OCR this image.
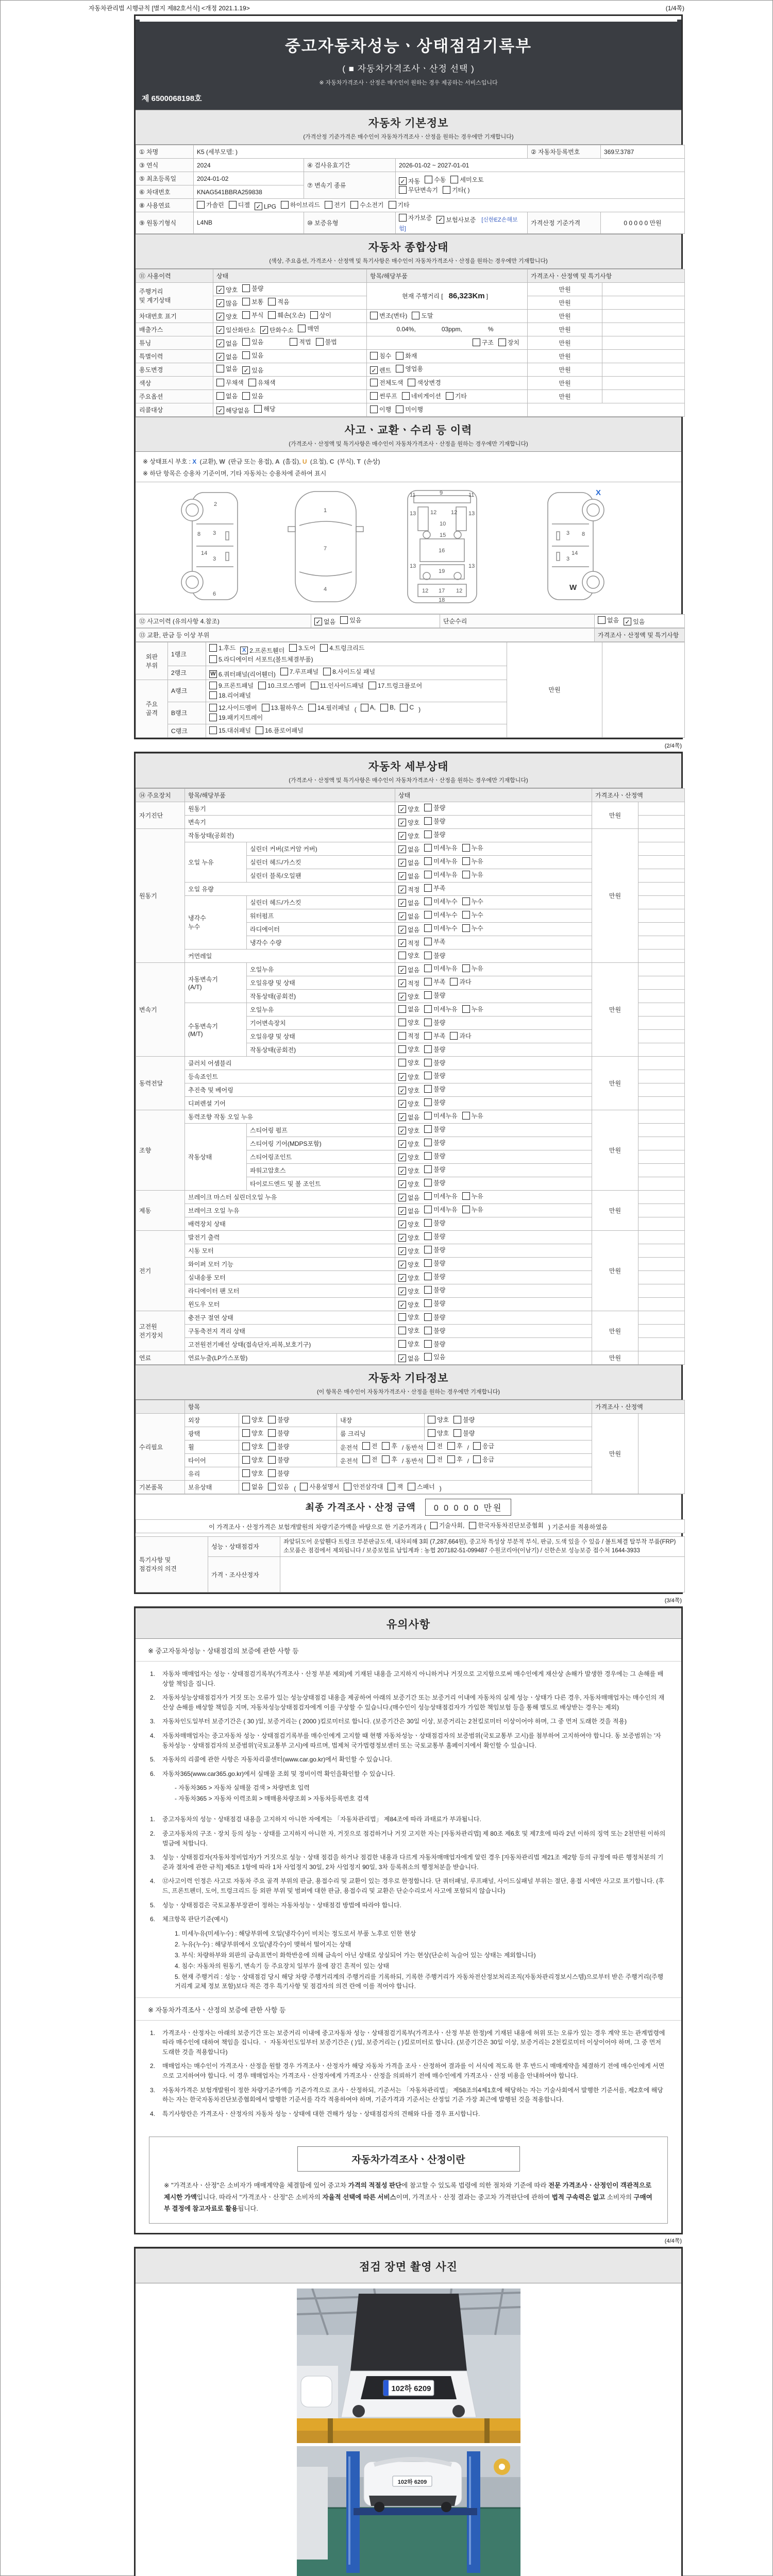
자동차관리법 시행규칙 [별지 제82호서식] <개정 2021.1.19>	(1/4쪽)
중고자동차성능ㆍ상태점검기록부
( ■ 자동차가격조사ㆍ산정 선택 )
※ 자동차가격조사ㆍ산정은 매수인이 원하는 경우 제공하는 서비스입니다
제 6500068198호
자동차 기본정보
(가격산정 기준가격은 매수인이 자동차가격조사ㆍ산정을 원하는 경우에만 기재합니다)
① 차명	K5 (세부모델: )			② 자동차등록번호	369모3787
③ 연식	2024	④ 검사유효기간	2026-01-02 ~ 2027-01-01		
⑤ 최초등록일	2024-01-02	⑦ 변속기 종류	
✓ 자동 수동 세미오토

무단변속기 기타( )

⑥ 차대번호	KNAG541BBRA259838				
⑧ 사용연료	가솔린 디젤 ✓ LPG 하이브리드 전기 수소전기 기타

⑨ 원동기형식	L4NB	⑩ 보증유형	자가보증 ✓ 보험사보증 [신한EZ손해보험]	가격산정 기준가격	0 0 0 0 0 만원
자동차 종합상태
(색상, 주요옵션, 가격조사ㆍ산정액 및 특기사항은 매수인이 자동차가격조사ㆍ산정을 원하는 경우에만 기재합니다)
⑪ 사용이력	상태	항목/해당부품	가격조사ㆍ산정액 및 특기사항	
주행거리
및 계기상태	✓ 양호 불량	현재 주행거리 [ 86,323Km ]	만원	

✓ 많음 보통 적음		만원	
차대번호 표기	✓ 양호 부식 훼손(오손) 상이	변조(변타) 도말	만원	
배출가스	✓ 일산화탄소 ✓ 탄화수소 매연	0.04%, 03ppm, %	만원	
튜닝	✓ 없음 있음 적법 불법	구조 장치	만원	
특별이력	✓ 없음 있음	침수 화재	만원	
용도변경	없음 ✓ 있음	✓ 렌트 영업용	만원	
색상	무채색 유채색	전체도색 색상변경	만원	
주요옵션	없음 있음	썬루프 네비게이션 기타	만원	
리콜대상	✓ 해당없음 해당	이행 미이행		

사고ㆍ교환ㆍ수리 등 이력
(가격조사ㆍ산정액 및 특기사항은 매수인이 자동차가격조사ㆍ산정을 원하는 경우에만 기재합니다)
※ 상태표시 부호 : X (교환), W (판금 또는 용접), A (흠집), U (요철), C (부식), T (손상)
※ 하단 항목은 승용차 기준이며, 기타 자동차는 승용차에 준하여 표시
2
8 3
14
3
6
1
7
4
11	9	11
13	12	12 13
10
15
16
13
19
13
12 17 12
18
3 8
14
3
X
W
⑫ 사고이력 (유의사항 4.참조)	✓ 없음 있음	단순수리	없음 ✓ 있음
⑬ 교환, 판금 등 이상 부위	가격조사ㆍ산정액 및 특기사항
외판
부위	1랭크	
1.후드	X 2.프론트휀더 3.도어 4.트렁크리드

5.라디에이터 서포트(볼트체결부품)
	만원	
	2랭크	W 6.쿼터패널(리어휀더) 7.루프패널 8.사이드실 패널		

주요
골격	A랭크	9.프론트패널 10.크로스멤버 11.인사이드패널 17.트렁크플로어

18.리어패널		

B랭크	
12.사이드멤버 13.휠하우스 14.필러패널 ( A, B, C )

19.패키지트레이

	C랭크	15.대쉬패널 16.플로어패널		
(2/4쪽)
자동차 세부상태
(가격조사ㆍ산정액 및 특기사항은 매수인이 자동차가격조사ㆍ산정을 원하는 경우에만 기재합니다)
⑭ 주요장치	항목/해당부품		상태	가격조사ㆍ산정액	
자기진단	원동기		✓ 양호 불량	만원	
	변속기		✓ 양호 불량		

원동기	작동상태(공회전)		✓ 양호 불량	만원	
	오일 누유	실린더 커버(로커암 커버)	✓ 없음 미세누유 누유		

		실린더 헤드/가스킷	✓ 없음 미세누유 누유		

		실린더 블록/오일팬	✓ 없음 미세누유 누유		

	오일 유량		✓ 적정 부족		

	냉각수
누수	실린더 헤드/가스킷	✓ 없음 미세누수 누수		

		워터펌프	✓ 없음 미세누수 누수		

		라디에이터	✓ 없음 미세누수 누수		

		냉각수 수량	✓ 적정 부족		

	커먼레일		양호 불량		

변속기	자동변속기
(A/T)	오일누유	✓ 없음 미세누유 누유	만원	
		오일유량 및 상태	✓ 적정 부족 과다		

		작동상태(공회전)	✓ 양호 불량		

	수동변속기
(M/T)	오일누유	없음 미세누유 누유		

		기어변속장치	양호 불량		

		오일유량 및 상태	적정 부족 과다		

		작동상태(공회전)	양호 불량		

동력전달	클러치 어셈블리		양호 불량	만원	
	등속죠인트		✓ 양호 불량		

	추진축 및 베어링		✓ 양호 불량		

	디퍼렌셜 기어		✓ 양호 불량		

조향	동력조향 작동 오일 누유		✓ 없음 미세누유 누유	만원	
	작동상태	스티어링 펌프	✓ 양호 불량		

		스티어링 기어(MDPS포함)	✓ 양호 불량		

		스티어링조인트	✓ 양호 불량		

		파워고압호스	✓ 양호 불량		

		타이로드엔드 및 볼 조인트	✓ 양호 불량		

제동	브레이크 마스터 실린더오일 누유		✓ 없음 미세누유 누유	만원	
	브레이크 오일 누유		✓ 없음 미세누유 누유		

	배력장치 상태		✓ 양호 불량		

전기	발전기 출력		✓ 양호 불량	만원	
	시동 모터		✓ 양호 불량		

	와이퍼 모터 기능		✓ 양호 불량		

	실내송풍 모터		✓ 양호 불량		

	라디에이터 팬 모터		✓ 양호 불량		

	윈도우 모터		✓ 양호 불량		

고전원
전기장치	충전구 절연 상태		양호 불량	만원	
	구동축전지 격리 상태		양호 불량		

	고전원전기배선 상태(접속단자,피복,보호기구)		양호 불량		

연료	연료누출(LP가스포함)		✓ 없음 있음	만원	
자동차 기타정보
(이 항목은 매수인이 자동차가격조사ㆍ산정을 원하는 경우에만 기재합니다)
	항목				가격조사ㆍ산정액	
수리필요	외장	양호 불량	내장	양호 불량	만원	
	광택	양호 불량	룸 크리닝	양호 불량		

휠	양호 불량	운전석 전 후 / 동반석 전 후 / 응급

타이어	양호 불량	운전석 전 후 / 동반석 전 후 / 응급

	유리	양호 불량				

기본품목	보유상태	없음 있음 ( 사용설명서 안전삼각대 잭 스패너 )
최종 가격조사ㆍ산정 금액	0 0 0 0 0 만원
이 가격조사ㆍ산정가격은 보험개발원의 차량기준가액을 바탕으로 한 기준가격과 ( 기술사회, 한국자동차진단보증협회 ) 기준서를 적용하였음
특기사항 및
점검자의 의견	성능ㆍ상태점검자	좌앞뒤도어 운앞휀다 트렁크 부분판금도색, 내차피해 3회 (7,287,664원), 중고차 특성상 부분적 부식, 판금, 도색 있을 수 있음 / 볼트체결 탈부착 부품(FRP)소모품은 점검에서 제외됩니다 / 보증보험료 납입계좌 : 농협 207182-51-099487 수원코리아(이남기) / 신한손보 성능보증 접수처 1644-3933
	가격ㆍ조사산정자	
(3/4쪽)
유의사항
※ 중고자동차성능ㆍ상태점검의 보증에 관한 사항 등
1.	자동차 매매업자는 성능ㆍ상태점검기록부(가격조사ㆍ산정 부분 제외)에 기재된 내용을 고지하지 아니하거나 거짓으로 고지함으로써 매수인에게 재산상 손해가 발생한 경우에는 그 손해를 배상할 책임을 집니다.
2.	자동차성능상태점검자가 거짓 또는 오류가 있는 성능상태점검 내용을 제공하여 아래의 보증기간 또는 보증거리 이내에 자동차의 실제 성능ㆍ상태가 다른 경우, 자동차매매업자는 매수인의 재산상 손해를 배상할 책임을 지며, 자동차성능상태점검자에게 이를 구상할 수 있습니다.(매수인이 성능상태점검자가 가입한 책임보험 등을 통해 별도로 배상받는 경우는 제외)
3.	자동차인도일부터 보증기간은 ( 30 )일, 보증거리는 ( 2000 )킬로미터로 합니다. (보증기간은 30일 이상, 보증거리는 2천킬로미터 이상이어야 하며, 그 중 먼저 도래한 것을 적용)
4.	자동차매매업자는 중고자동차 성능ㆍ상태점검기록부를 매수인에게 고지할 때 현행 자동차성능ㆍ상태점검자의 보증범위(국토교통부 고시)를 첨부하여 고지하여야 합니다. 동 보증범위는 '자동차성능ㆍ상태점검자의 보증범위'(국토교통부 고시)에 따르며, 법제처 국가법령정보센터 또는 국토교통부 홈페이지에서 확인할 수 있습니다.
5.	자동차의 리콜에 관한 사항은 자동차리콜센터(www.car.go.kr)에서 확인할 수 있습니다.
6.	자동차365(www.car365.go.kr)에서 실매물 조회 및 정비이력 확인을확인할 수 있습니다.
- 자동차365 > 자동차 실매물 검색 > 차량번호 입력
- 자동차365 > 자동차 이력조회 > 매매용차량조회 > 자동차등록번호 검색
1.	중고자동차의 성능ㆍ상태점검 내용을 고지하지 아니한 자에게는 「자동차관리법」 제84조에 따라 과태료가 부과됩니다.
2.	중고자동차의 구조ㆍ장치 등의 성능ㆍ상태를 고지하지 아니한 자, 거짓으로 점검하거나 거짓 고지한 자는 [자동차관리법] 제 80조 제6호 및 제7호에 따라 2년 이하의 징역 또는 2천만원 이하의 벌금에 처합니다.
3.	성능ㆍ상태점검자(자동차정비업자)가 거짓으로 성능ㆍ상태 점검을 하거나 점검한 내용과 다르게 자동차매매업자에게 알린 경우 [자동차관리법 제21조 제2항 등의 규정에 따른 행정처분의 기준과 절차에 관한 규칙] 제5조 1항에 따라 1차 사업정지 30일, 2차 사업정지 90일, 3차 등록취소의 행정처분을 받습니다.
4.	⑫사고이력 인정은 사고로 자동차 주요 골격 부위의 판금, 용접수리 및 교환이 있는 경우로 한정합니다. 단 쿼터패널, 루프패널, 사이드실패널 부위는 절단, 용접 시에만 사고로 표기합니다. (후드, 프론트펜더, 도어, 트렁크리드 등 외판 부위 및 범퍼에 대한 판금, 용접수리 및 교환은 단순수리로서 사고에 포함되지 않습니다)
5.	성능ㆍ상태점검은 국토교통부장관이 정하는 자동차성능ㆍ상태점검 방법에 따라야 합니다.
6.	체크항목 판단기준(예시)
1. 미세누유(미세누수) : 해당부위에 오일(냉각수)이 비치는 정도로서 부품 노후로 인한 현상
2. 누유(누수) : 해당부위에서 오일(냉각수)이 맺혀서 떨어지는 상태
3. 부식: 차량하부와 외판의 금속표면이 화학반응에 의해 금속이 아닌 상태로 상실되어 가는 현상(단순히 녹슬어 있는 상태는 제외합니다)
4. 침수: 자동차의 원동기, 변속기 등 주요장치 일부가 물에 잠긴 흔적이 있는 상태
5. 현재 주행거리 : 성능ㆍ상태점검 당시 해당 차량 주행거리계의 주행거리를 기록하되, 기록한 주행거리가 자동차전산정보처리조직(자동차관리정보시스템)으로부터 받은 주행거리(주행거리계 교체 정보 포함)보다 적은 경우 특기사항 및 점검자의 의견 란에 이를 적어야 합니다.
※ 자동차가격조사ㆍ산정의 보증에 관한 사항 등
1.	가격조사ㆍ산정자는 아래의 보증기간 또는 보증거리 이내에 중고자동차 성능ㆍ상태점검기록부(가격조사ㆍ산정 부분 한정)에 기재된 내용에 허위 또는 오류가 있는 경우 계약 또는 관계법령에 따라 매수인에 대하여 책임을 집니다. ㆍ 자동차인도일부터 보증기간은 ( )일, 보증거리는 ( )킬로미터로 합니다. (보증기간은 30일 이상, 보증거리는 2천킬로미터 이상이어야 하며, 그 중 먼저 도래한 것을 적용합니다)
2.	매매업자는 매수인이 가격조사ㆍ산정을 원할 경우 가격조사ㆍ산정자가 해당 자동차 가격을 조사ㆍ산정하여 결과를 이 서식에 적도록 한 후 반드시 매매계약을 체결하기 전에 매수인에게 서면으로 고지하여야 합니다. 이 경우 매매업자는 가격조사ㆍ산정자에게 가격조사ㆍ산정을 의뢰하기 전에 매수인에게 가격조사ㆍ산정 비용을 안내하여야 합니다.
3.	자동차가격은 보험개발원이 정한 차량기준가액을 기준가격으로 조사ㆍ산정하되, 기준서는 「자동차관리법」 제58조의4제1호에 해당하는 자는 기술사회에서 발행한 기준서를, 제2호에 해당하는 자는 한국자동차진단보증협회에서 발행한 기준서를 각각 적용하여야 하며, 기준가격과 기준서는 산정일 기준 가장 최근에 발행된 것을 적용합니다.
4.	특기사항란은 가격조사ㆍ산정자의 자동차 성능ㆍ상태에 대한 견해가 성능ㆍ상태점검자의 견해와 다를 경우 표시합니다.
자동차가격조사ㆍ산정이란
※ "가격조사ㆍ산정"은 소비자가 매매계약을 체결함에 있어 중고차 가격의 적절성 판단에 참고할 수 있도록 법령에 의한 절차와 기준에 따라 전문 가격조사ㆍ산정인이 객관적으로 제시한 가액입니다. 따라서 "가격조사ㆍ산정"은 소비자의 자율적 선택에 따른 서비스이며, 가격조사ㆍ산정 결과는 중고차 가격판단에 관하여 법적 구속력은 없고 소비자의 구매여부 결정에 참고자료로 활용됩니다.
(4/4쪽)
점검 장면 촬영 사진
102하 6209
102하 6209
